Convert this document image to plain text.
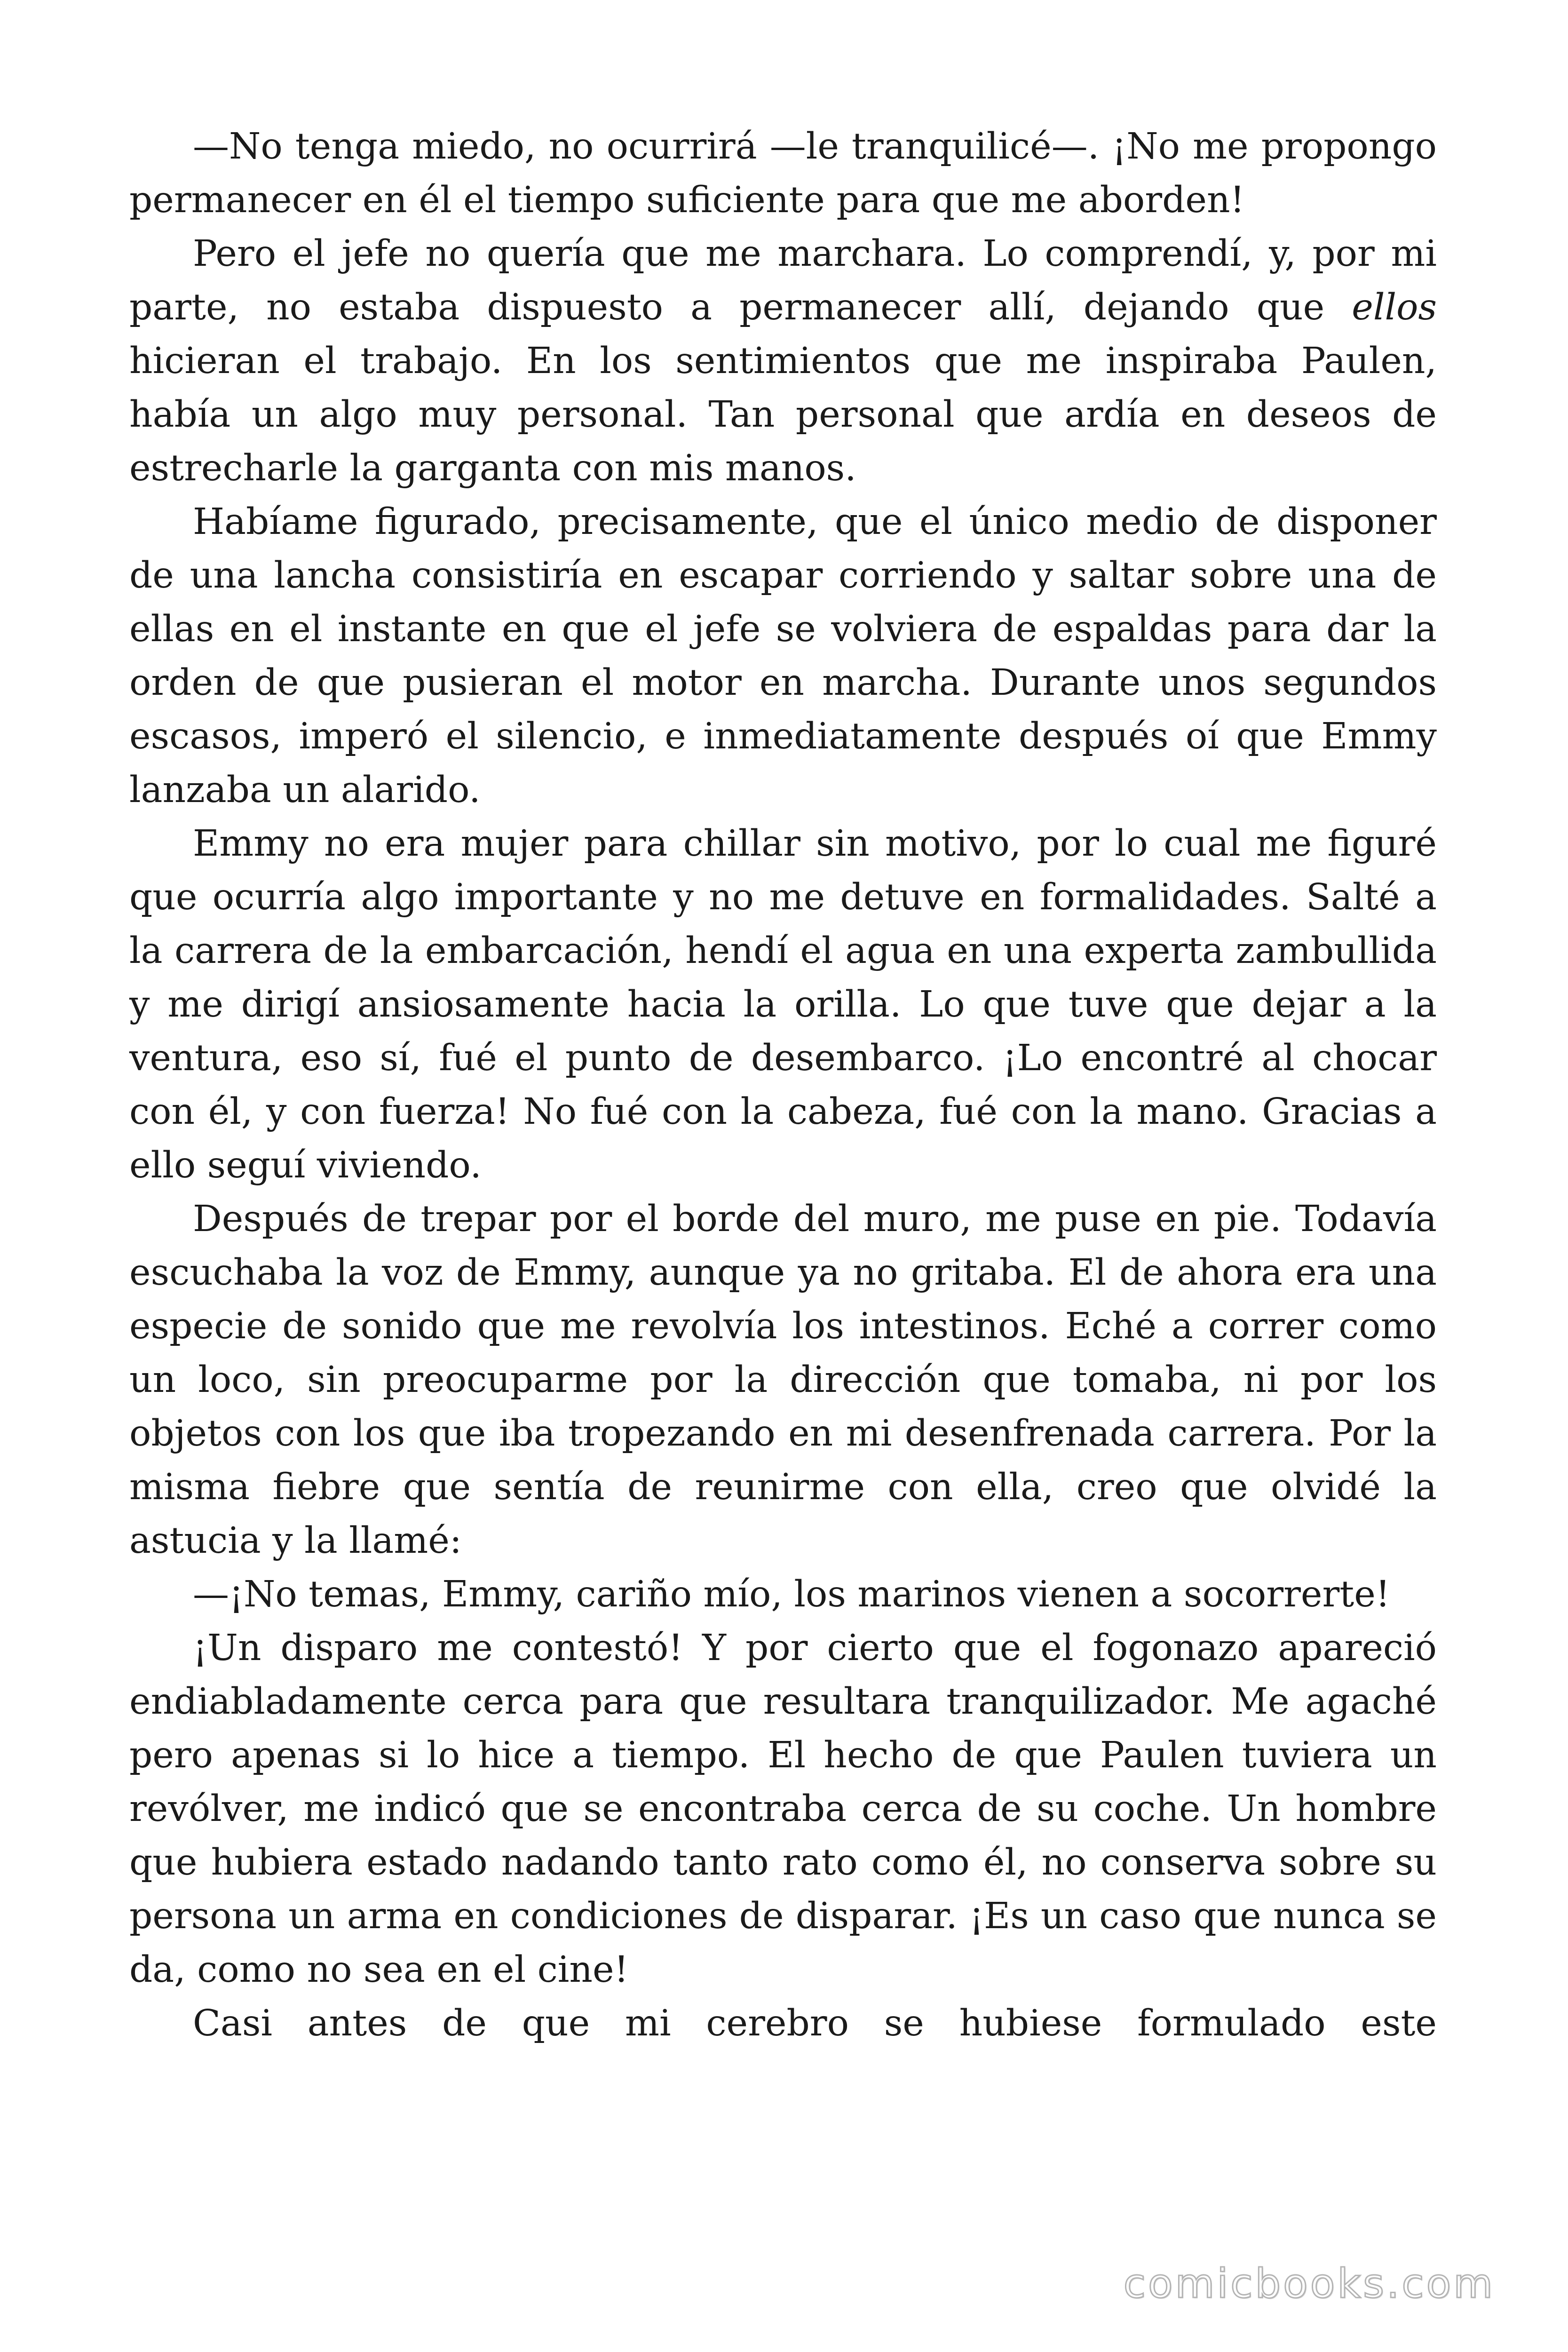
—No tenga miedo, no ocurrirá —le tranquilicé—. ¡No me propongo permanecer en él el tiempo suficiente para que me aborden!

Pero el jefe no quería que me marchara. Lo comprendí, y, por mi parte, no estaba dispuesto a permanecer allí, dejando que ellos hicieran el trabajo. En los sentimientos que me inspiraba Paulen, había un algo muy personal. Tan personal que ardía en deseos de estrecharle la garganta con mis manos.

Habíame figurado, precisamente, que el único medio de disponer de una lancha consistiría en escapar corriendo y saltar sobre una de ellas en el instante en que el jefe se volviera de espaldas para dar la orden de que pusieran el motor en marcha. Durante unos segundos escasos, imperó el silencio, e inmediatamente después oí que Emmy lanzaba un alarido.

Emmy no era mujer para chillar sin motivo, por lo cual me figuré que ocurría algo importante y no me detuve en formalidades. Salté a la carrera de la embarcación, hendí el agua en una experta zambullida y me dirigí ansiosamente hacia la orilla. Lo que tuve que dejar a la ventura, eso sí, fué el punto de desembarco. ¡Lo encontré al chocar con él, y con fuerza! No fué con la cabeza, fué con la mano. Gracias a ello seguí viviendo.

Después de trepar por el borde del muro, me puse en pie. Todavía escuchaba la voz de Emmy, aunque ya no gritaba. El de ahora era una especie de sonido que me revolvía los intestinos. Eché a correr como un loco, sin preocuparme por la dirección que tomaba, ni por los objetos con los que iba tropezando en mi desenfrenada carrera. Por la misma fiebre que sentía de reunirme con ella, creo que olvidé la astucia y la llamé:

—¡No temas, Emmy, cariño mío, los marinos vienen a socorrerte!

¡Un disparo me contestó! Y por cierto que el fogonazo apareció endiabladamente cerca para que resultara tranquilizador. Me agaché pero apenas si lo hice a tiempo. El hecho de que Paulen tuviera un revólver, me indicó que se encontraba cerca de su coche. Un hombre que hubiera estado nadando tanto rato como él, no conserva sobre su persona un arma en condiciones de disparar. ¡Es un caso que nunca se da, como no sea en el cine!

Casi antes de que mi cerebro se hubiese formulado este

comicbooks.com
